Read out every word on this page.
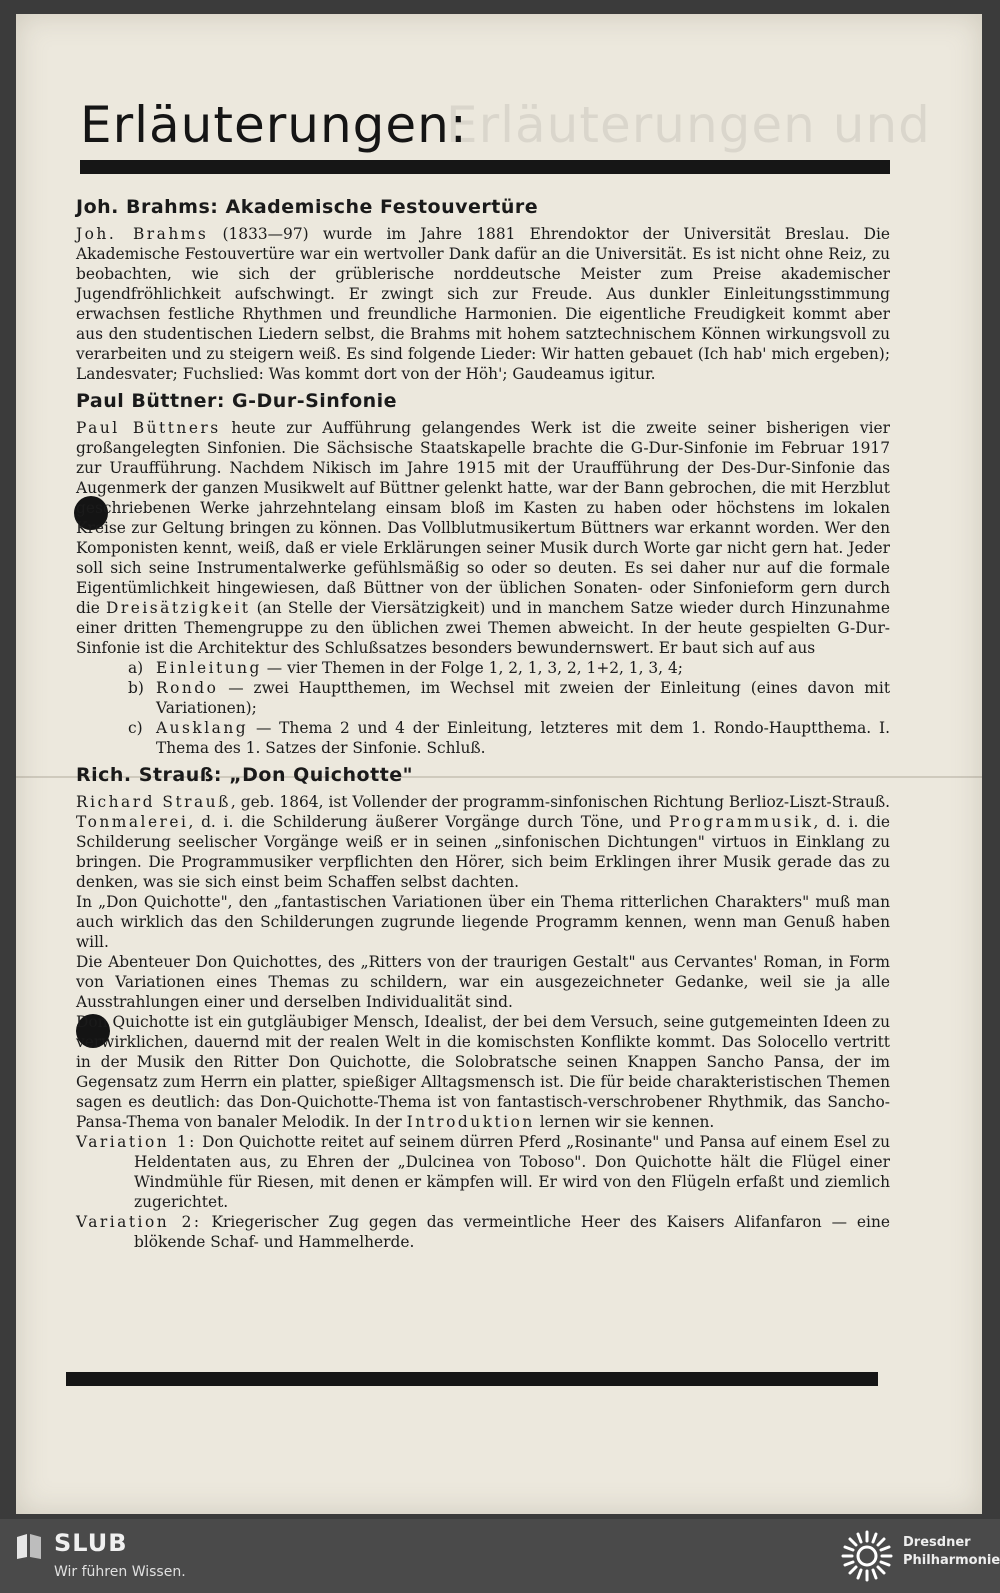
Erläuterungen und
Erläuterungen:
Joh. Brahms: Akademische Festouvertüre

Joh. Brahms (1833—97) wurde im Jahre 1881 Ehrendoktor der Universität Breslau. Die Akademische Festouvertüre war ein wertvoller Dank dafür an die Universität. Es ist nicht ohne Reiz, zu beobachten, wie sich der grüblerische norddeutsche Meister zum Preise akademischer Jugendfröhlichkeit aufschwingt. Er zwingt sich zur Freude. Aus dunkler Einleitungsstimmung erwachsen festliche Rhythmen und freundliche Harmonien. Die eigentliche Freudigkeit kommt aber aus den studentischen Liedern selbst, die Brahms mit hohem satztechnischem Können wirkungsvoll zu verarbeiten und zu steigern weiß. Es sind folgende Lieder: Wir hatten gebauet (Ich hab' mich ergeben); Landesvater; Fuchslied: Was kommt dort von der Höh'; Gaudeamus igitur.

Paul Büttner: G-Dur-Sinfonie

Paul Büttners heute zur Aufführung gelangendes Werk ist die zweite seiner bisherigen vier großangelegten Sinfonien. Die Sächsische Staatskapelle brachte die G-Dur-Sinfonie im Februar 1917 zur Uraufführung. Nachdem Nikisch im Jahre 1915 mit der Uraufführung der Des-Dur-Sinfonie das Augenmerk der ganzen Musikwelt auf Büttner gelenkt hatte, war der Bann gebrochen, die mit Herzblut geschriebenen Werke jahrzehntelang einsam bloß im Kasten zu haben oder höchstens im lokalen Kreise zur Geltung bringen zu können. Das Vollblutmusikertum Büttners war erkannt worden. Wer den Komponisten kennt, weiß, daß er viele Erklärungen seiner Musik durch Worte gar nicht gern hat. Jeder soll sich seine Instrumentalwerke gefühlsmäßig so oder so deuten. Es sei daher nur auf die formale Eigentümlichkeit hingewiesen, daß Büttner von der üblichen Sonaten- oder Sinfonieform gern durch die Dreisätzigkeit (an Stelle der Viersätzigkeit) und in manchem Satze wieder durch Hinzunahme einer dritten Themengruppe zu den üblichen zwei Themen abweicht. In der heute gespielten G-Dur-Sinfonie ist die Architektur des Schlußsatzes besonders bewundernswert. Er baut sich auf aus

a) Einleitung — vier Themen in der Folge 1, 2, 1, 3, 2, 1+2, 1, 3, 4;
b) Rondo — zwei Hauptthemen, im Wechsel mit zweien der Einleitung (eines davon mit Variationen);
c) Ausklang — Thema 2 und 4 der Einleitung, letzteres mit dem 1. Rondo-Hauptthema. I. Thema des 1. Satzes der Sinfonie. Schluß.
Rich. Strauß: „Don Quichotte"

Richard Strauß, geb. 1864, ist Vollender der programm-sinfonischen Richtung Berlioz-Liszt-Strauß. Tonmalerei, d. i. die Schilderung äußerer Vorgänge durch Töne, und Programmusik, d. i. die Schilderung seelischer Vorgänge weiß er in seinen „sinfonischen Dichtungen" virtuos in Einklang zu bringen. Die Programmusiker verpflichten den Hörer, sich beim Erklingen ihrer Musik gerade das zu denken, was sie sich einst beim Schaffen selbst dachten.

In „Don Quichotte", den „fantastischen Variationen über ein Thema ritterlichen Charakters" muß man auch wirklich das den Schilderungen zugrunde liegende Programm kennen, wenn man Genuß haben will.

Die Abenteuer Don Quichottes, des „Ritters von der traurigen Gestalt" aus Cervantes' Roman, in Form von Variationen eines Themas zu schildern, war ein ausgezeichneter Gedanke, weil sie ja alle Ausstrahlungen einer und derselben Individualität sind.

Don Quichotte ist ein gutgläubiger Mensch, Idealist, der bei dem Versuch, seine gutgemeinten Ideen zu verwirklichen, dauernd mit der realen Welt in die komischsten Konflikte kommt. Das Solocello vertritt in der Musik den Ritter Don Quichotte, die Solobratsche seinen Knappen Sancho Pansa, der im Gegensatz zum Herrn ein platter, spießiger Alltagsmensch ist. Die für beide charakteristischen Themen sagen es deutlich: das Don-Quichotte-Thema ist von fantastisch-verschrobener Rhythmik, das Sancho-Pansa-Thema von banaler Melodik. In der Introduktion lernen wir sie kennen.

Variation 1: Don Quichotte reitet auf seinem dürren Pferd „Rosinante" und Pansa auf einem Esel zu Heldentaten aus, zu Ehren der „Dulcinea von Toboso". Don Quichotte hält die Flügel einer Windmühle für Riesen, mit denen er kämpfen will. Er wird von den Flügeln erfaßt und ziemlich zugerichtet.

Variation 2: Kriegerischer Zug gegen das vermeintliche Heer des Kaisers Alifanfaron — eine blökende Schaf- und Hammelherde.

SLUB
Wir führen Wissen.
Dresdner
Philharmonie
